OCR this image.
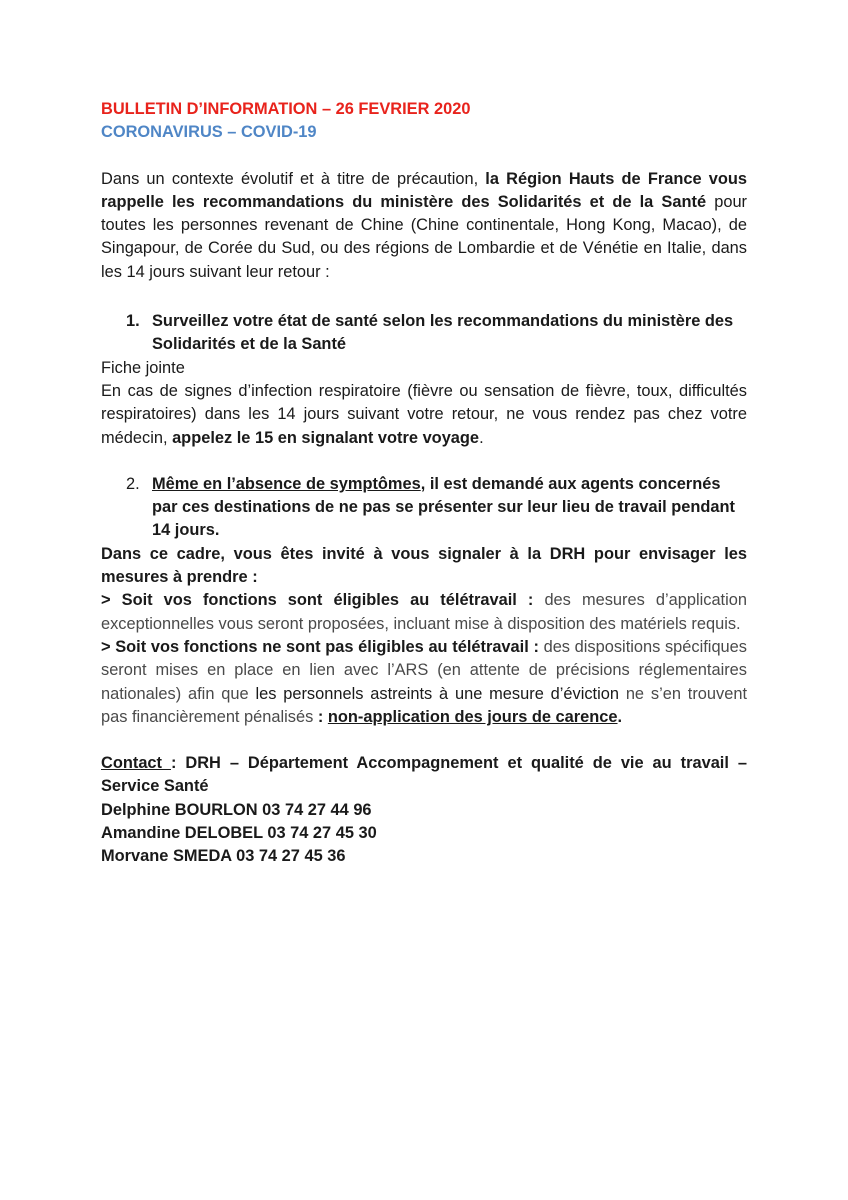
BULLETIN D’INFORMATION – 26 FEVRIER 2020
CORONAVIRUS – COVID-19

Dans un contexte évolutif et à titre de précaution, la Région Hauts de France vous rappelle les recommandations du ministère des Solidarités et de la Santé pour toutes les personnes revenant de Chine (Chine continentale, Hong Kong, Macao), de Singapour, de Corée du Sud, ou des régions de Lombardie et de Vénétie en Italie, dans les 14 jours suivant leur retour :

1. Surveillez votre état de santé selon les recommandations du ministère des Solidarités et de la Santé

Fiche jointe

En cas de signes d’infection respiratoire (fièvre ou sensation de fièvre, toux, difficultés respiratoires) dans les 14 jours suivant votre retour, ne vous rendez pas chez votre médecin, appelez le 15 en signalant votre voyage.

2. Même en l’absence de symptômes, il est demandé aux agents concernés par ces destinations de ne pas se présenter sur leur lieu de travail pendant 14 jours.

Dans ce cadre, vous êtes invité à vous signaler à la DRH pour envisager les mesures à prendre :

> Soit vos fonctions sont éligibles au télétravail : des mesures d’application exceptionnelles vous seront proposées, incluant mise à disposition des matériels requis.

> Soit vos fonctions ne sont pas éligibles au télétravail : des dispositions spécifiques seront mises en place en lien avec l’ARS (en attente de précisions réglementaires nationales) afin que les personnels astreints à une mesure d’éviction ne s’en trouvent pas financièrement pénalisés : non-application des jours de carence.

Contact : DRH – Département Accompagnement et qualité de vie au travail – Service Santé

Delphine BOURLON 03 74 27 44 96

Amandine DELOBEL 03 74 27 45 30

Morvane SMEDA 03 74 27 45 36
